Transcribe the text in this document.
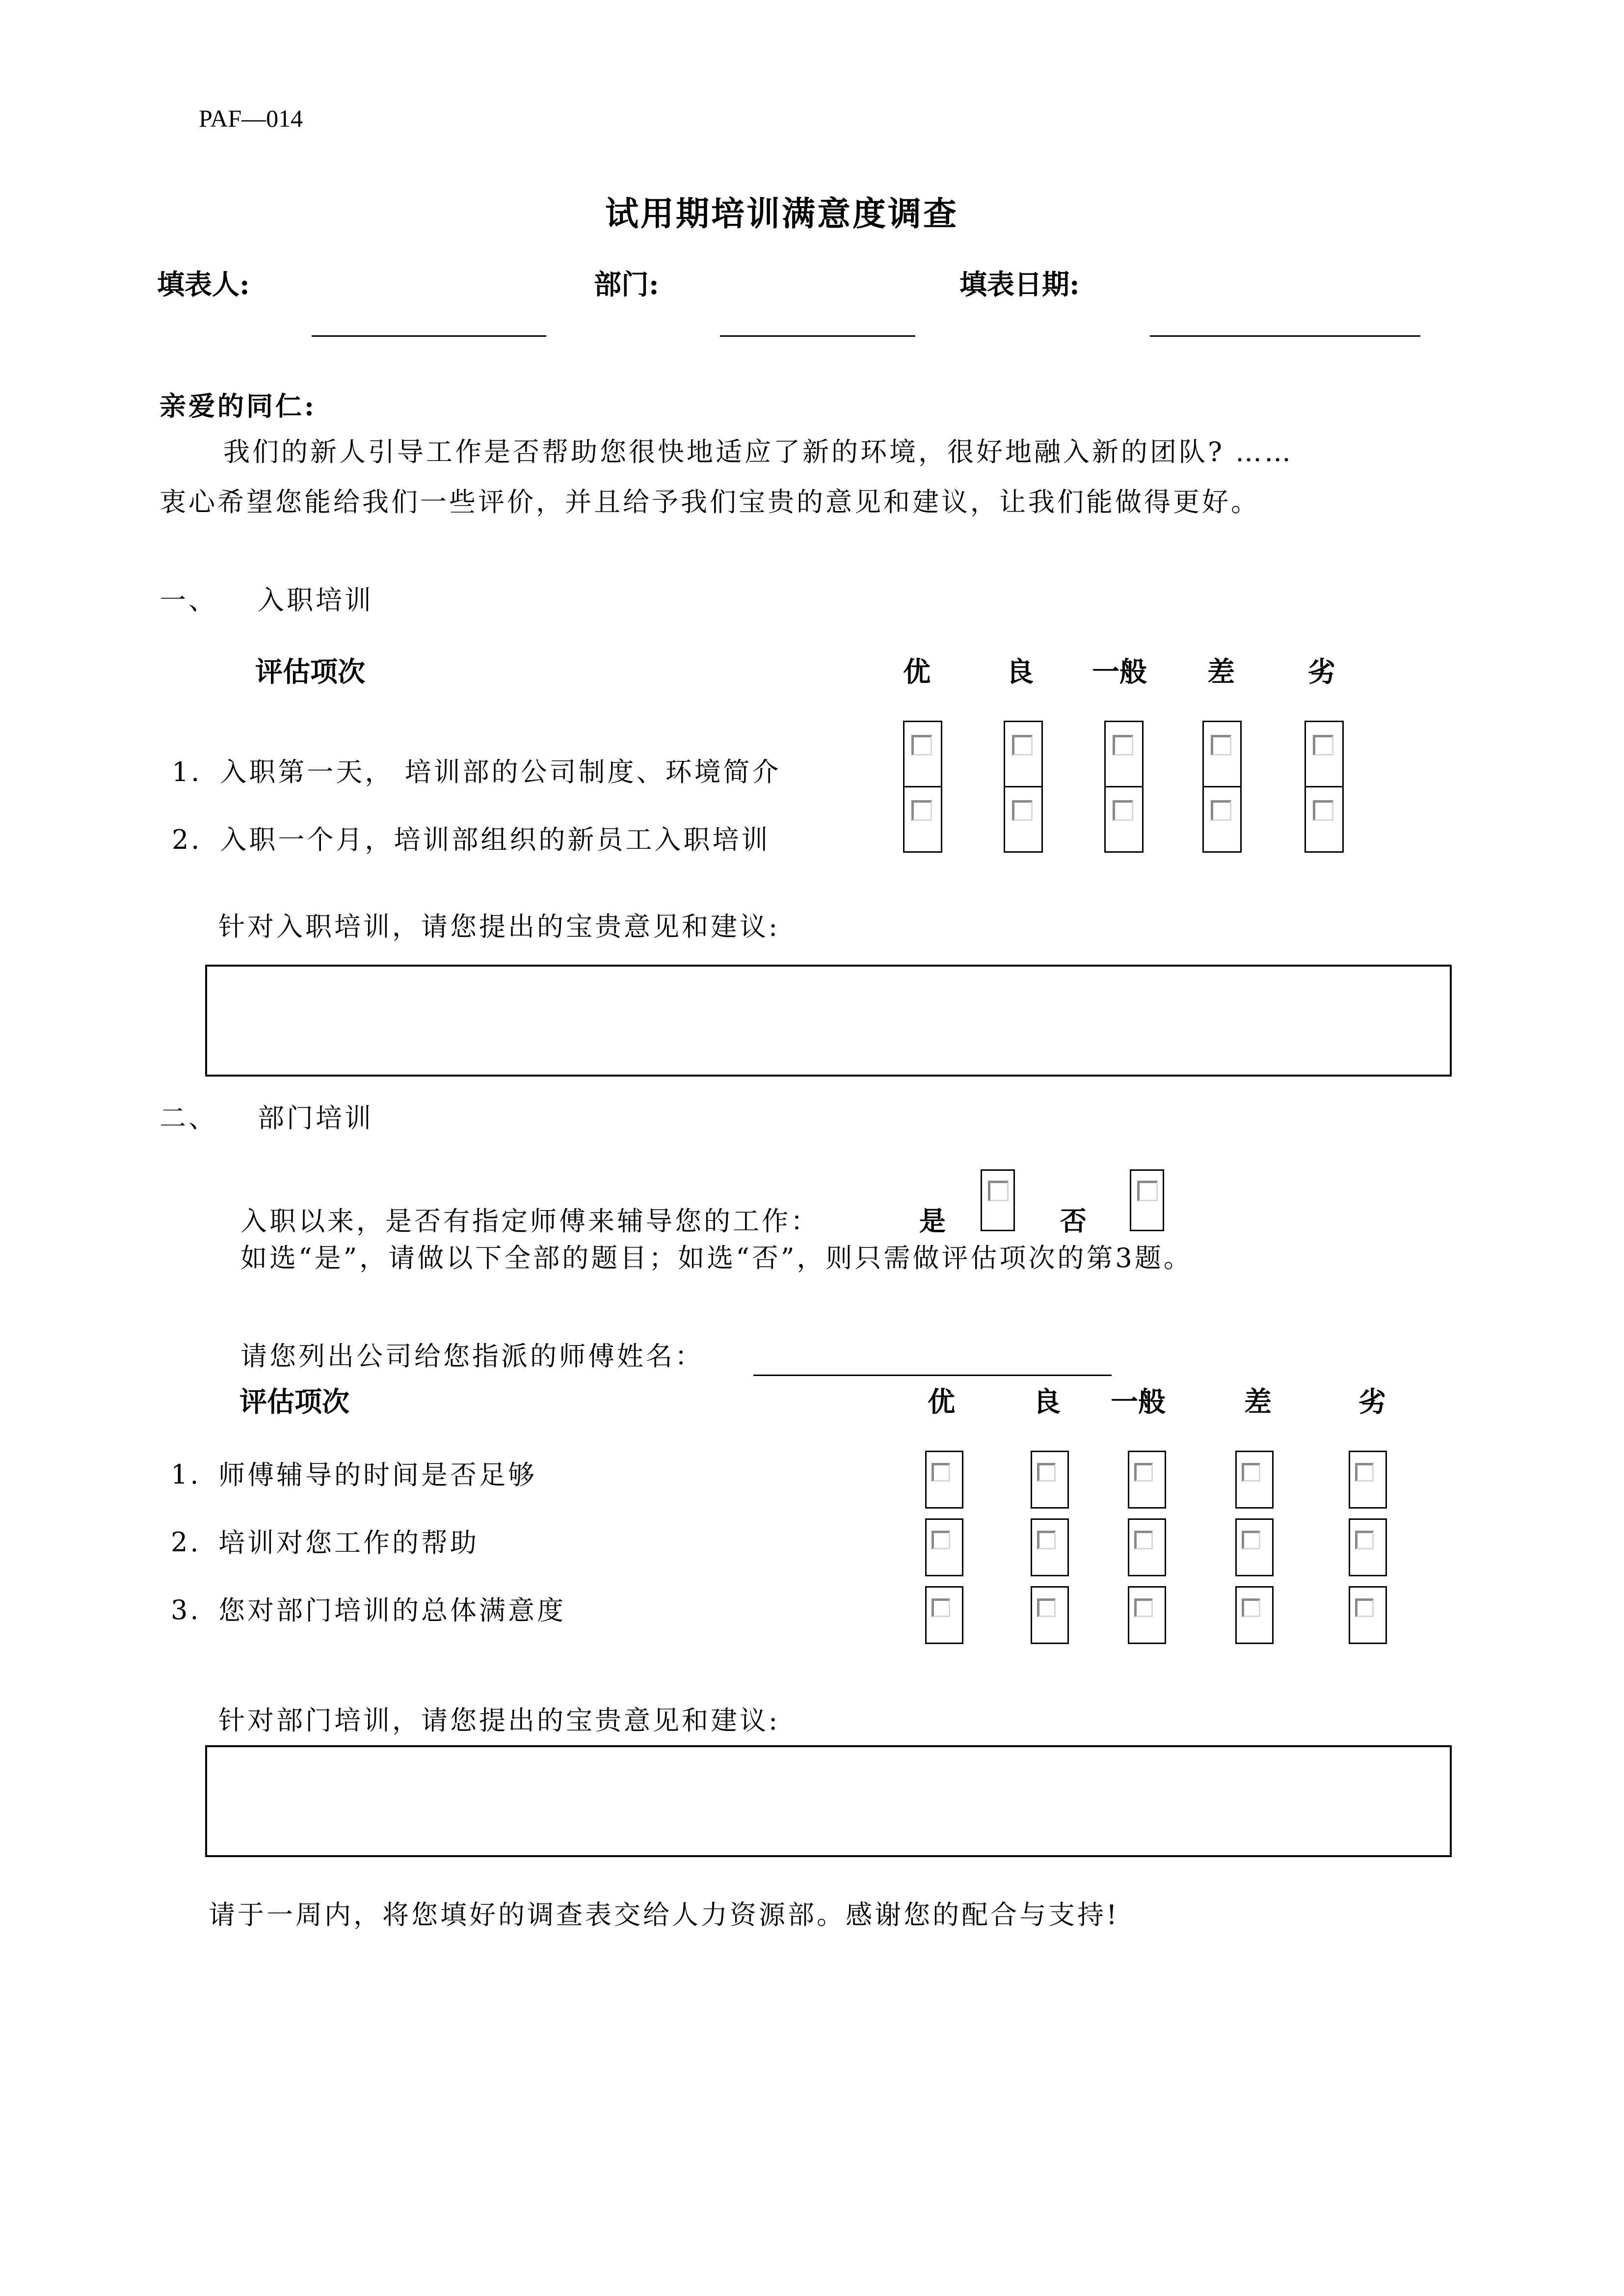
PAF—014
试用期培训满意度调查
填表人:	部门:	填表日期:
亲爱的同仁:
我们的新人引导工作是否帮助您很快地适应了新的环境，很好地融入新的团队? ……
衷心希望您能给我们一些评价，并且给予我们宝贵的意见和建议，让我们能做得更好。
一、 入职培训
评估项次	优	良 一般 差	劣
1．入职第一天， 培训部的公司制度、环境简介
2．入职一个月，培训部组织的新员工入职培训
针对入职培训，请您提出的宝贵意见和建议:
二、 部门培训
入职以来，是否有指定师傅来辅导您的工作：	是	否
如选“是”，请做以下全部的题目；如选“否”，则只需做评估项次的第3题。
请您列出公司给您指派的师傅姓名：
评估项次	优	良 一般	差	劣
1. 师傅辅导的时间是否足够
2. 培训对您工作的帮助
3. 您对部门培训的总体满意度
针对部门培训，请您提出的宝贵意见和建议:
请于一周内，将您填好的调查表交给人力资源部。感谢您的配合与支持!
